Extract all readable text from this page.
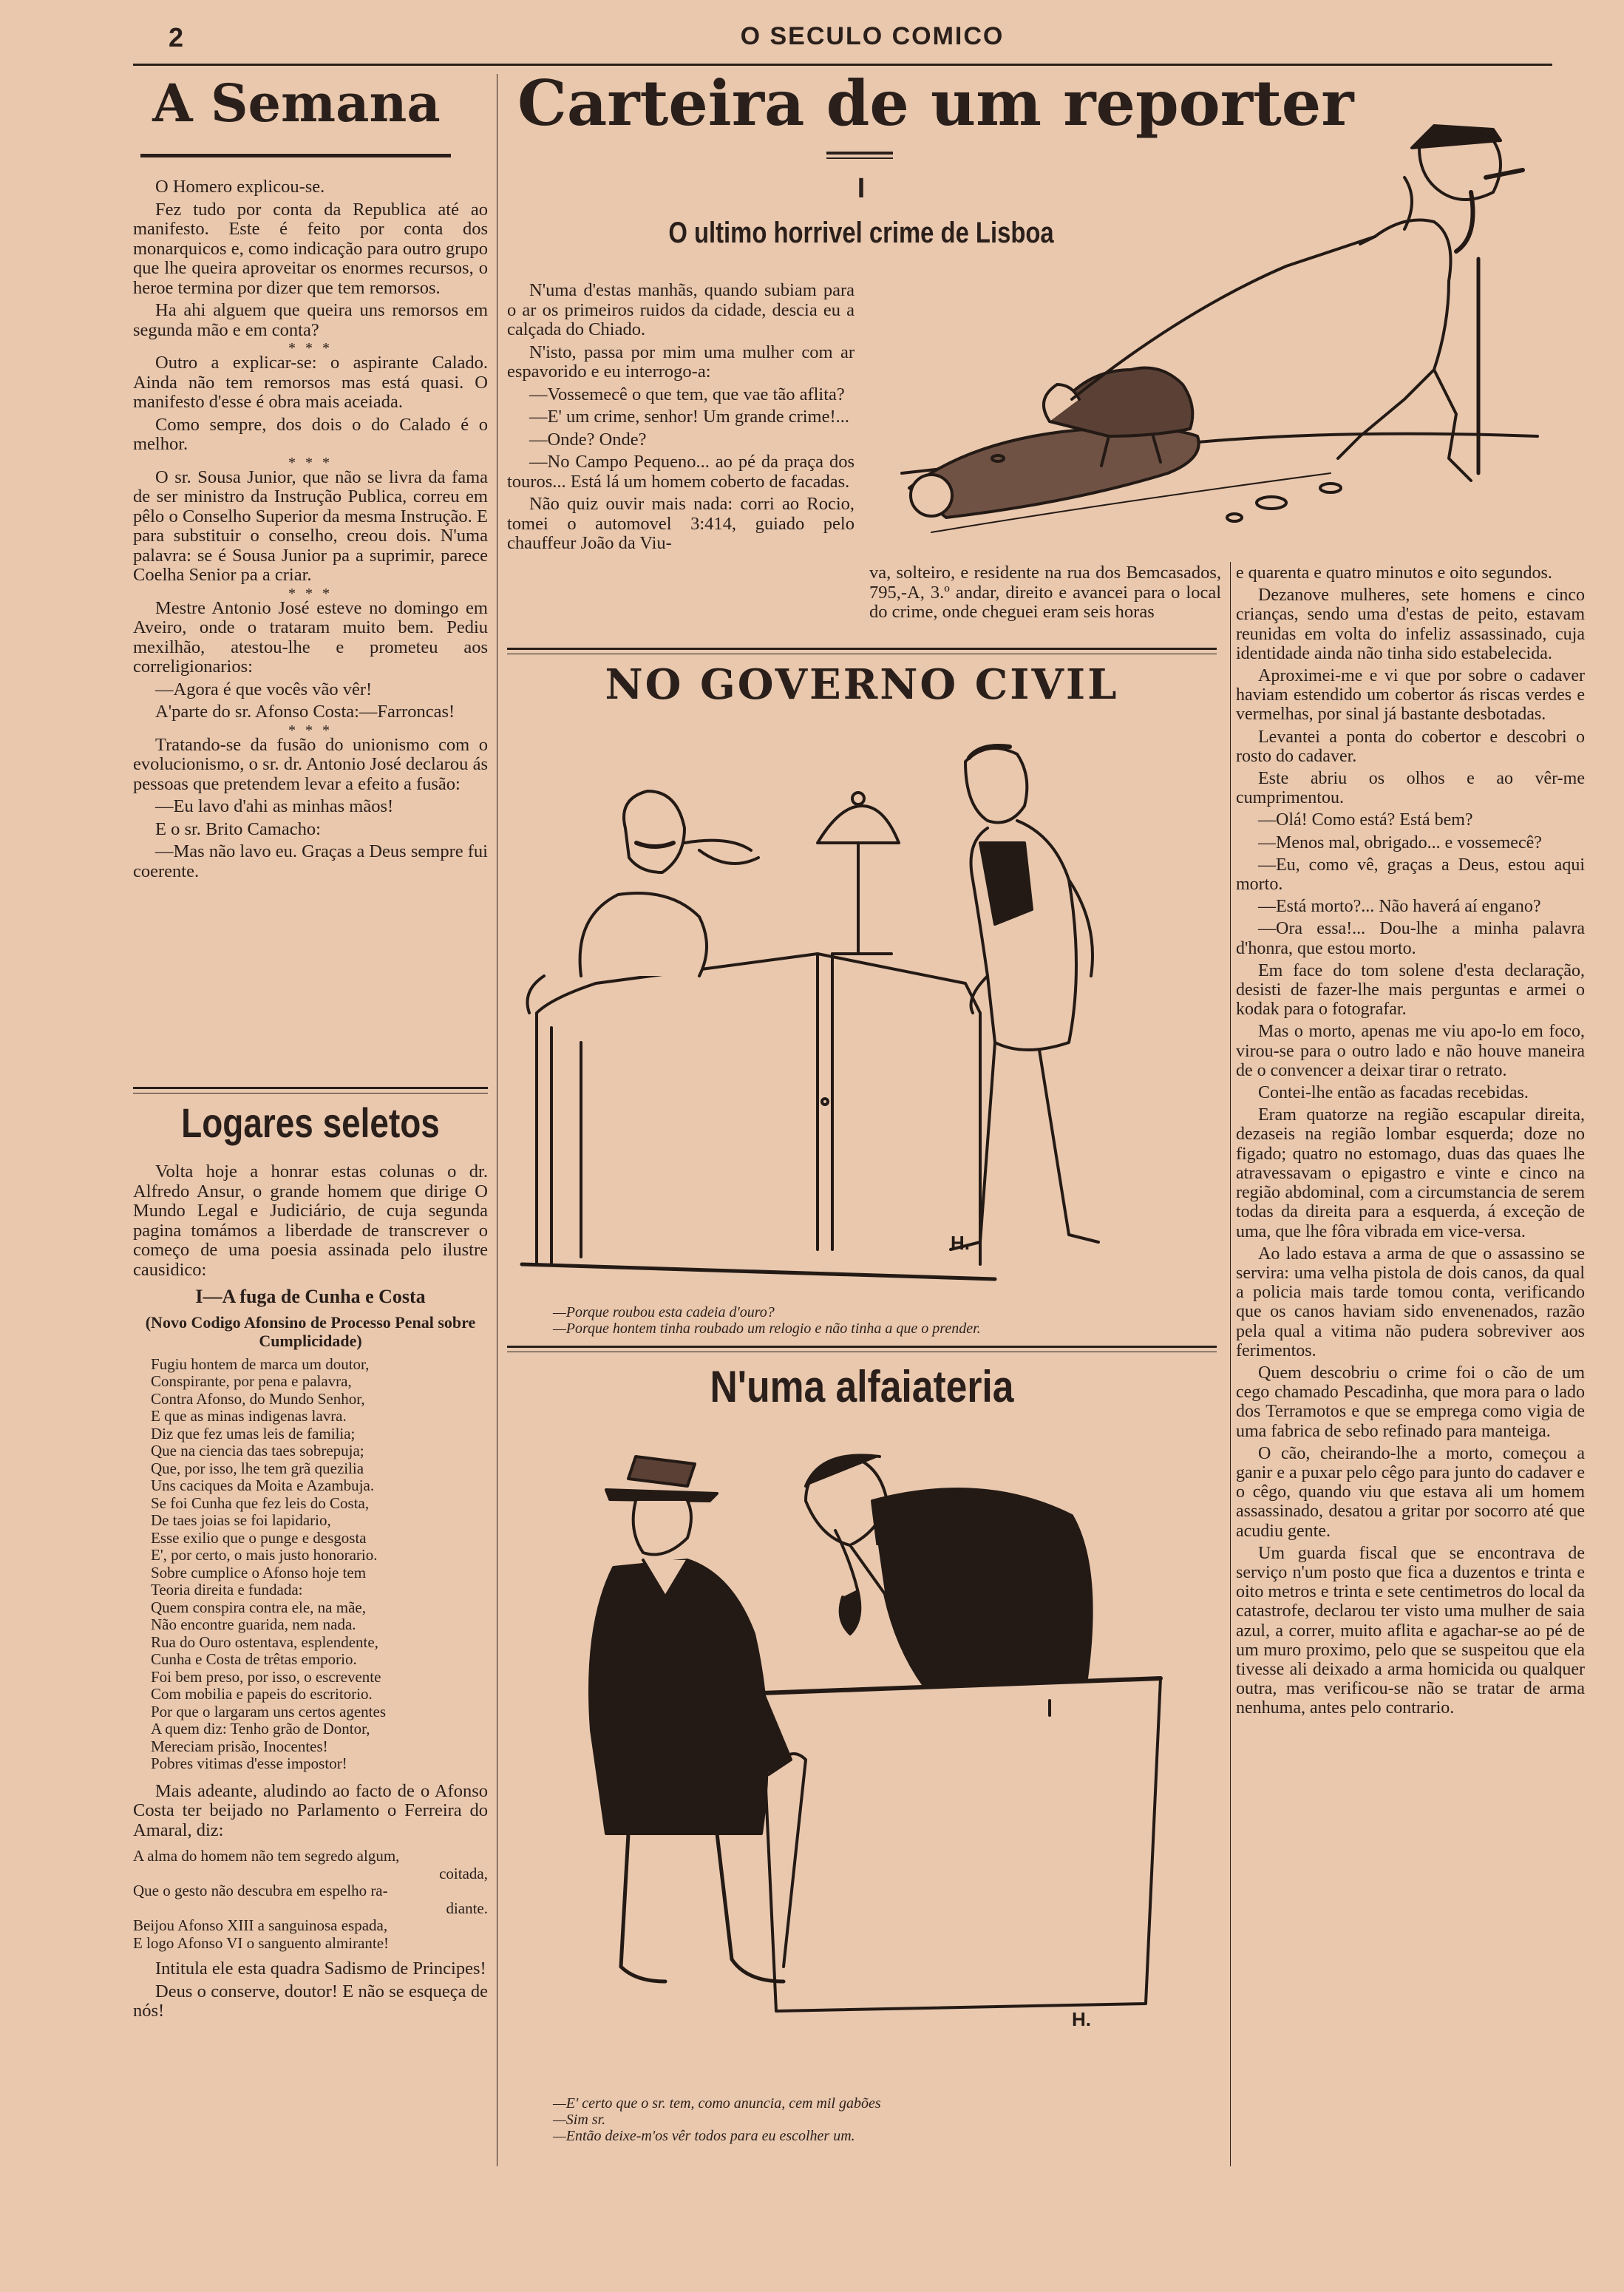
2	O SECULO COMICO
A Semana

O Homero explicou-se.

Fez tudo por conta da Republica até ao manifesto. Este é feito por conta dos monarquicos e, como indicação para outro grupo que lhe queira aproveitar os enormes recursos, o heroe termina por dizer que tem remorsos.

Ha ahi alguem que queira uns remorsos em segunda mão e em conta?

* * *

Outro a explicar-se: o aspirante Calado. Ainda não tem remorsos mas está quasi. O manifesto d'esse é obra mais aceiada.

Como sempre, dos dois o do Calado é o melhor.

* * *

O sr. Sousa Junior, que não se livra da fama de ser ministro da Instrução Publica, correu em pêlo o Conselho Superior da mesma Instrução. E para substituir o conselho, creou dois. N'uma palavra: se é Sousa Junior pa a suprimir, parece Coelha Senior pa a criar.

* * *

Mestre Antonio José esteve no domingo em Aveiro, onde o trataram muito bem. Pediu mexilhão, atestou-lhe e prometeu aos correligionarios:

—Agora é que vocês vão vêr!

A'parte do sr. Afonso Costa:—Farroncas!

* * *

Tratando-se da fusão do unionismo com o evolucionismo, o sr. dr. Antonio José declarou ás pessoas que pretendem levar a efeito a fusão:

—Eu lavo d'ahi as minhas mãos!

E o sr. Brito Camacho:

—Mas não lavo eu. Graças a Deus sempre fui coerente.

Logares seletos

Volta hoje a honrar estas colunas o dr. Alfredo Ansur, o grande homem que dirige O Mundo Legal e Judiciário, de cuja segunda pagina tomámos a liberdade de transcrever o começo de uma poesia assinada pelo ilustre causidico:

I—A fuga de Cunha e Costa
(Novo Codigo Afonsino de Processo Penal sobre Cumplicidade)
Fugiu hontem de marca um doutor,
Conspirante, por pena e palavra,
Contra Afonso, do Mundo Senhor,
E que as minas indigenas lavra.
Diz que fez umas leis de familia;
Que na ciencia das taes sobrepuja;
Que, por isso, lhe tem grã quezilia
Uns caciques da Moita e Azambuja.
Se foi Cunha que fez leis do Costa,
De taes joias se foi lapidario,
Esse exilio que o punge e desgosta
E', por certo, o mais justo honorario.
Sobre cumplice o Afonso hoje tem
Teoria direita e fundada:
Quem conspira contra ele, na mãe,
Não encontre guarida, nem nada.
Rua do Ouro ostentava, esplendente,
Cunha e Costa de trêtas emporio.
Foi bem preso, por isso, o escrevente
Com mobilia e papeis do escritorio.
Por que o largaram uns certos agentes
A quem diz: Tenho grão de Dontor,
Mereciam prisão, Inocentes!
Pobres vitimas d'esse impostor!

Mais adeante, aludindo ao facto de o Afonso Costa ter beijado no Parlamento o Ferreira do Amaral, diz:

A alma do homem não tem segredo algum,
coitada,
Que o gesto não descubra em espelho ra-
diante.
Beijou Afonso XIII a sanguinosa espada,
E logo Afonso VI o sanguento almirante!

Intitula ele esta quadra Sadismo de Principes!

Deus o conserve, doutor! E não se esqueça de nós!

Carteira de um reporter
I
O ultimo horrivel crime de Lisboa

N'uma d'estas manhãs, quando subiam para o ar os primeiros ruidos da cidade, descia eu a calçada do Chiado.

N'isto, passa por mim uma mulher com ar espavorido e eu interrogo-a:

—Vossemecê o que tem, que vae tão aflita?

—E' um crime, senhor! Um grande crime!...

—Onde? Onde?

—No Campo Pequeno... ao pé da praça dos touros... Está lá um homem coberto de facadas.

Não quiz ouvir mais nada: corri ao Rocio, tomei o automovel 3:414, guiado pelo chauffeur João da Viu-

va, solteiro, e residente na rua dos Bemcasados, 795,-A, 3.º andar, direito e avancei para o local do crime, onde cheguei eram seis horas

NO GOVERNO CIVIL
H.
—Porque roubou esta cadeia d'ouro?
—Porque hontem tinha roubado um relogio e não tinha a que o prender.
N'uma alfaiateria
H.
—E' certo que o sr. tem, como anuncia, cem mil gabões
—Sim sr.
—Então deixe-m'os vêr todos para eu escolher um.

e quarenta e quatro minutos e oito segundos.

Dezanove mulheres, sete homens e cinco crianças, sendo uma d'estas de peito, estavam reunidas em volta do infeliz assassinado, cuja identidade ainda não tinha sido estabelecida.

Aproximei-me e vi que por sobre o cadaver haviam estendido um cobertor ás riscas verdes e vermelhas, por sinal já bastante desbotadas.

Levantei a ponta do cobertor e descobri o rosto do cadaver.

Este abriu os olhos e ao vêr-me cumprimentou.

—Olá! Como está? Está bem?

—Menos mal, obrigado... e vossemecê?

—Eu, como vê, graças a Deus, estou aqui morto.

—Está morto?... Não haverá aí engano?

—Ora essa!... Dou-lhe a minha palavra d'honra, que estou morto.

Em face do tom solene d'esta declaração, desisti de fazer-lhe mais perguntas e armei o kodak para o fotografar.

Mas o morto, apenas me viu apo-lo em foco, virou-se para o outro lado e não houve maneira de o convencer a deixar tirar o retrato.

Contei-lhe então as facadas recebidas.

Eram quatorze na região escapular direita, dezaseis na região lombar esquerda; doze no figado; quatro no estomago, duas das quaes lhe atravessavam o epigastro e vinte e cinco na região abdominal, com a circumstancia de serem todas da direita para a esquerda, á exceção de uma, que lhe fôra vibrada em vice-versa.

Ao lado estava a arma de que o assassino se servira: uma velha pistola de dois canos, da qual a policia mais tarde tomou conta, verificando que os canos haviam sido envenenados, razão pela qual a vitima não pudera sobreviver aos ferimentos.

Quem descobriu o crime foi o cão de um cego chamado Pescadinha, que mora para o lado dos Terramotos e que se emprega como vigia de uma fabrica de sebo refinado para manteiga.

O cão, cheirando-lhe a morto, começou a ganir e a puxar pelo cêgo para junto do cadaver e o cêgo, quando viu que estava ali um homem assassinado, desatou a gritar por socorro até que acudiu gente.

Um guarda fiscal que se encontrava de serviço n'um posto que fica a duzentos e trinta e oito metros e trinta e sete centimetros do local da catastrofe, declarou ter visto uma mulher de saia azul, a correr, muito aflita e agachar-se ao pé de um muro proximo, pelo que se suspeitou que ela tivesse ali deixado a arma homicida ou qualquer outra, mas verificou-se não se tratar de arma nenhuma, antes pelo contrario.
